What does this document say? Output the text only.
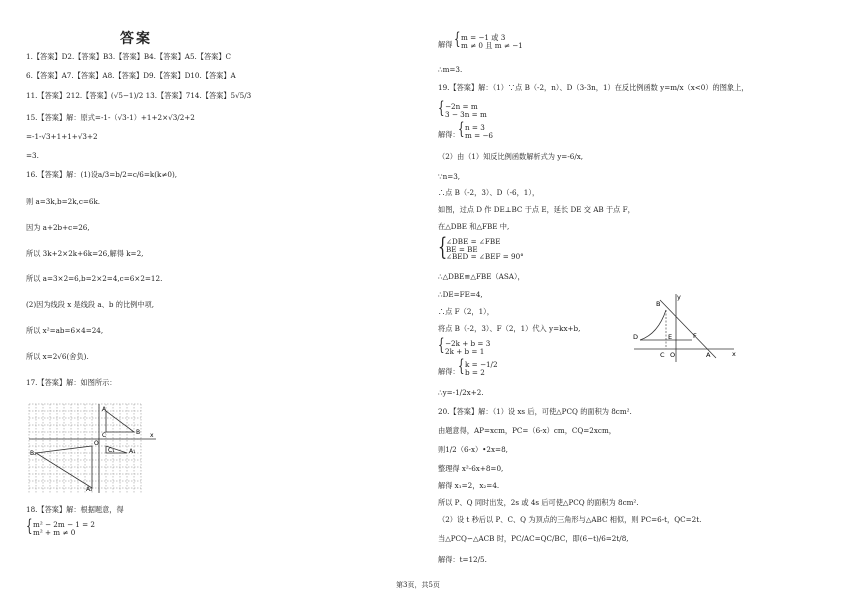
答案
1.【答案】D2.【答案】B3.【答案】B4.【答案】A5.【答案】C
6.【答案】A7.【答案】A8.【答案】D9.【答案】D10.【答案】A
11.【答案】212.【答案】(√5−1)/2 13.【答案】714.【答案】5√5/3
15.【答案】解：原式=-1-（√3-1）+1+2×√3/2+2
=-1-√3+1+1+√3+2
=3.
16.【答案】解：(1)设a/3=b/2=c/6=k(k≠0),
则 a=3k,b=2k,c=6k.
因为 a+2b+c=26,
所以 3k+2×2k+6k=26,解得 k=2,
所以 a=3×2=6,b=2×2=4,c=6×2=12.
(2)因为线段 x 是线段 a、b 的比例中项,
所以 x²=ab=6×4=24,
所以 x=2√6(舍负).
17.【答案】解：如图所示：
A
B
C
O
x
C₁ A₁
B₂
A₂
18.【答案】解：根据题意，得
{ m² − 2m − 1 = 2
m² + m ≠ 0
解得 { m = −1 或 3
m ≠ 0 且 m ≠ −1
∴m=3.
19.【答案】解：（1）∵点 B（-2，n）、D（3-3n，1）在反比例函数 y=m/x（x<0）的图象上，
{ −2n = m
3 − 3n = m
解得：
{ n = 3
m = −6
（2）由（1）知反比例函数解析式为 y=-6/x,
∵n=3,
∴点 B（-2，3）、D（-6，1），
如图，过点 D 作 DE⊥BC 于点 E，延长 DE 交 AB 于点 F，
在△DBE 和△FBE 中,
{
∠DBE = ∠FBE
BE = BE
∠BED = ∠BEF = 90°
∴△DBE≌△FBE（ASA），
∴DE=FE=4,
∴点 F（2，1），
将点 B（-2，3）、F（2，1）代入 y=kx+b,
{ −2k + b = 3
2k + b = 1
解得：
{ k = −1/2
b = 2
∴y=-1/2x+2.
y
B
D	E	F
C O	A	x
20.【答案】解：（1）设 xs 后，可使△PCQ 的面积为 8cm².
由题意得，AP=xcm，PC=（6-x）cm，CQ=2xcm，
则1/2（6-x）•2x=8,
整理得 x²-6x+8=0,
解得 x₁=2，x₂=4.
所以 P、Q 同时出发，2s 或 4s 后可使△PCQ 的面积为 8cm².
（2）设 t 秒后以 P、C、Q 为顶点的三角形与△ABC 相似，则 PC=6-t，QC=2t.
当△PCQ∽△ACB 时，PC/AC=QC/BC，即(6−t)/6=2t/8,
解得：t=12/5.
第3页，共5页
